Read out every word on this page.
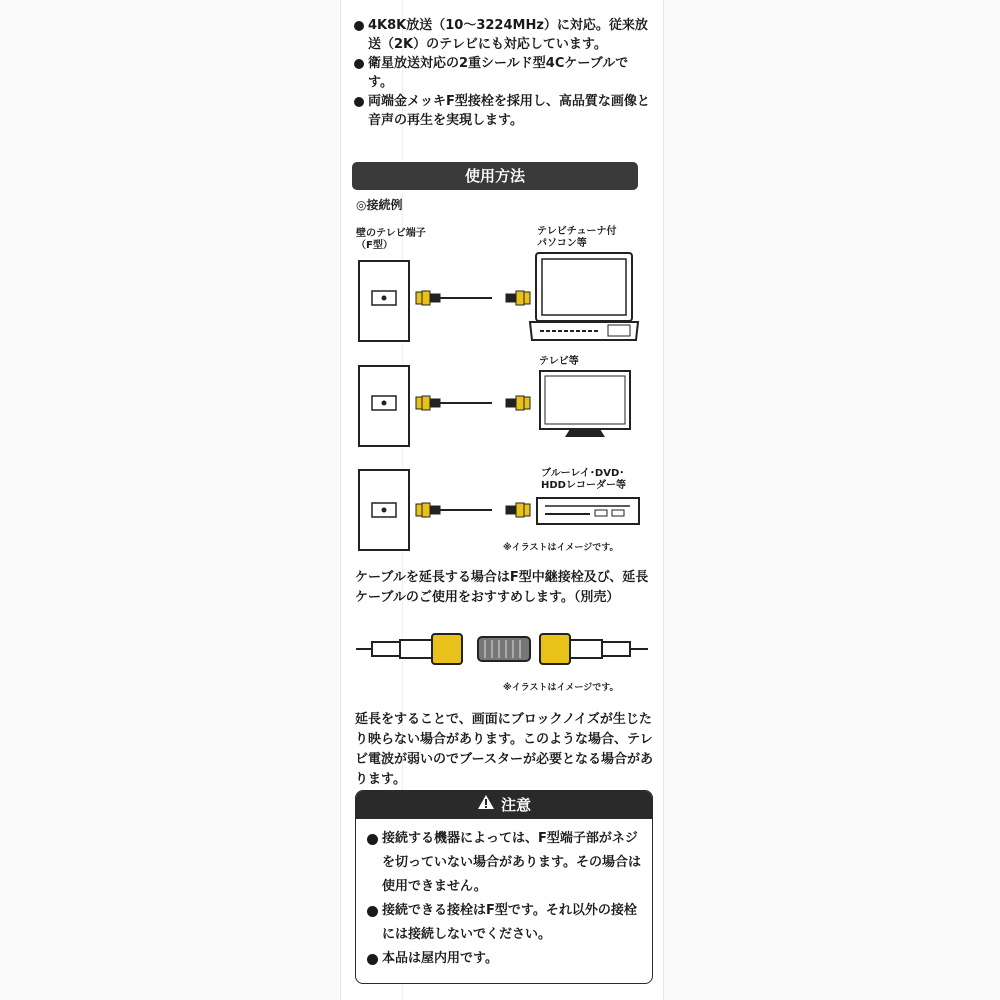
4K8K放送（10～3224MHz）に対応。従来放送（2K）のテレビにも対応しています。
衛星放送対応の2重シールド型4Cケーブルです。
両端金メッキF型接栓を採用し、高品質な画像と音声の再生を実現します。
使用方法
◎接続例
壁のテレビ端子
（F型）
テレビチューナ付
パソコン等
テレビ等
ブルーレイ･DVD･
HDDレコーダー等
※イラストはイメージです。
ケーブルを延長する場合はF型中継接栓及び、延長ケーブルのご使用をおすすめします。（別売）
※イラストはイメージです。
延長をすることで、画面にブロックノイズが生じたり映らない場合があります。このような場合、テレビ電波が弱いのでブースターが必要となる場合があります。
注意
接続する機器によっては、F型端子部がネジを切っていない場合があります。その場合は使用できません。
接続できる接栓はF型です。それ以外の接栓には接続しないでください。
本品は屋内用です。
